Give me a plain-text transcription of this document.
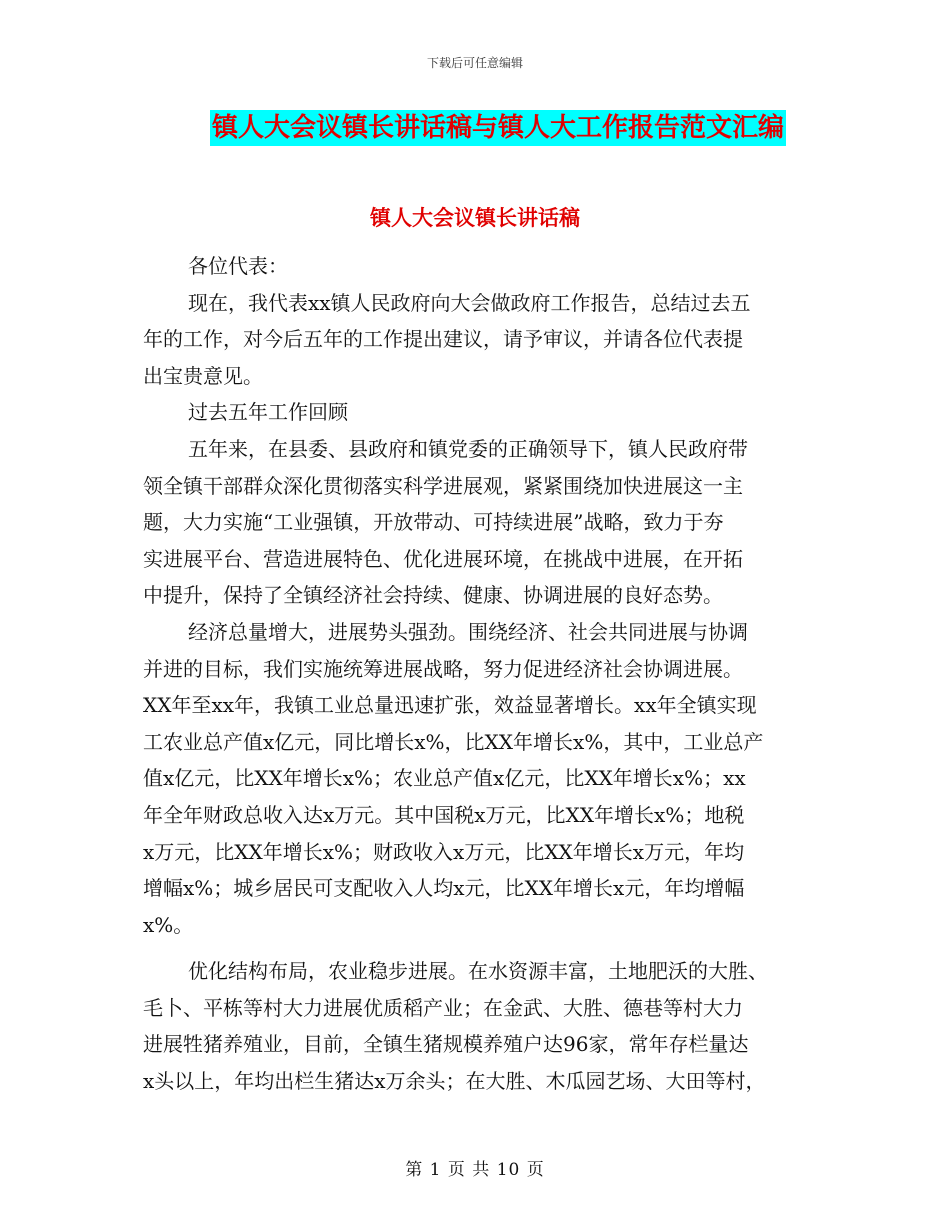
下载后可任意编辑
镇人大会议镇长讲话稿与镇人大工作报告范文汇编
镇人大会议镇长讲话稿
各位代表：
现在，我代表xx镇人民政府向大会做政府工作报告，总结过去五
年的工作，对今后五年的工作提出建议，请予审议，并请各位代表提
出宝贵意见。
过去五年工作回顾
五年来，在县委、县政府和镇党委的正确领导下，镇人民政府带
领全镇干部群众深化贯彻落实科学进展观，紧紧围绕加快进展这一主
题，大力实施“工业强镇，开放带动、可持续进展”战略，致力于夯
实进展平台、营造进展特色、优化进展环境，在挑战中进展，在开拓
中提升，保持了全镇经济社会持续、健康、协调进展的良好态势。
经济总量增大，进展势头强劲。围绕经济、社会共同进展与协调
并进的目标，我们实施统筹进展战略，努力促进经济社会协调进展。
XX年至xx年，我镇工业总量迅速扩张，效益显著增长。xx年全镇实现
工农业总产值x亿元，同比增长x%，比XX年增长x%，其中，工业总产
值x亿元，比XX年增长x%；农业总产值x亿元，比XX年增长x%；xx
年全年财政总收入达x万元。其中国税x万元，比XX年增长x%；地税
x万元，比XX年增长x%；财政收入x万元，比XX年增长x万元，年均
增幅x%；城乡居民可支配收入人均x元，比XX年增长x元，年均增幅
x%。
优化结构布局，农业稳步进展。在水资源丰富，土地肥沃的大胜、
毛卜、平栋等村大力进展优质稻产业；在金武、大胜、德巷等村大力
进展牲猪养殖业，目前，全镇生猪规模养殖户达96家，常年存栏量达
x头以上，年均出栏生猪达x万余头；在大胜、木瓜园艺场、大田等村，
第 1 页 共 10 页
